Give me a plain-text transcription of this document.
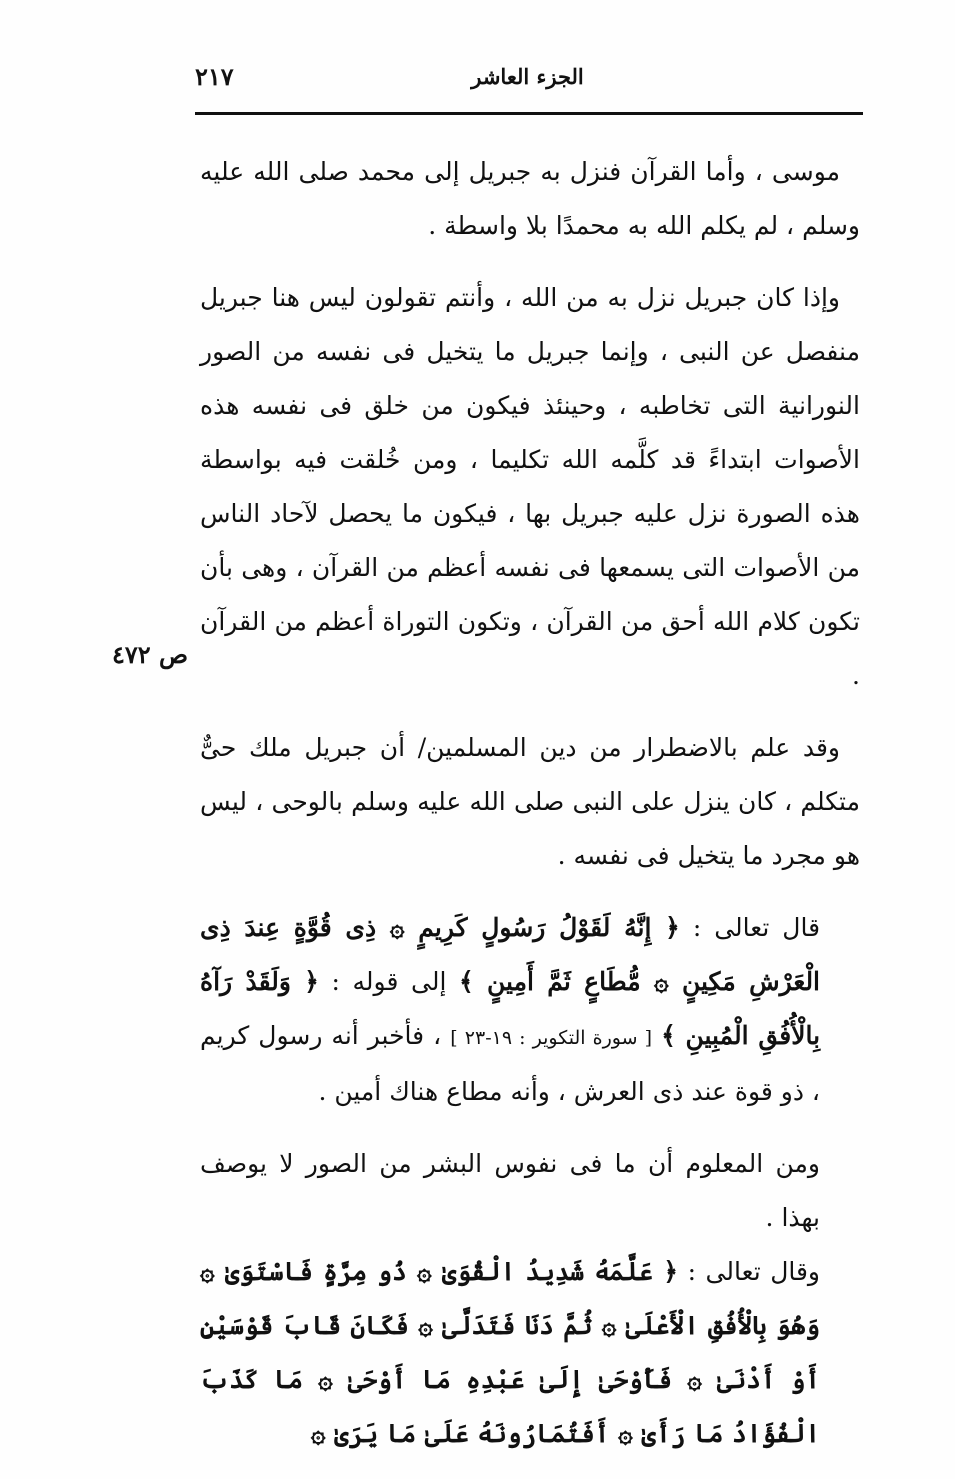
الجزء العاشر
٢١٧
ص ٤٧٢

موسى ، وأما القرآن فنزل به جبريل إلى محمد صلى الله عليه وسلم ، لم يكلم الله به محمدًا بلا واسطة .

وإذا كان جبريل نزل به من الله ، وأنتم تقولون ليس هنا جبريل منفصل عن النبى ، وإنما جبريل ما يتخيل فى نفسه من الصور النورانية التى تخاطبه ، وحينئذ فيكون من خلق فى نفسه هذه الأصوات ابتداءً قد كلَّمه الله تكليما ، ومن خُلقت فيه بواسطة هذه الصورة نزل عليه جبريل بها ، فيكون ما يحصل لآحاد الناس من الأصوات التى يسمعها فى نفسه أعظم من القرآن ، وهى بأن تكون كلام الله أحق من القرآن ، وتكون التوراة أعظم من القرآن .

وقد علم بالاضطرار من دين المسلمين/ أن جبريل ملك حىٌّ متكلم ، كان ينزل على النبى صلى الله عليه وسلم بالوحى ، ليس هو مجرد ما يتخيل فى نفسه .

قال تعالى : ﴿ إِنَّهُ لَقَوْلُ رَسُولٍ كَرِيمٍ ۞ ذِى قُوَّةٍ عِندَ ذِى الْعَرْشِ مَكِينٍ ۞ مُّطَاعٍ ثَمَّ أَمِينٍ ﴾ إلى قوله : ﴿ وَلَقَدْ رَآهُ بِالْأُفُقِ الْمُبِينِ ﴾ [ سورة التكوير : ١٩-٢٣ ] ، فأخبر أنه رسول كريم ، ذو قوة عند ذى العرش ، وأنه مطاع هناك أمين .

ومن المعلوم أن ما فى نفوس البشر من الصور لا يوصف بهذا .

وقال تعالى : ﴿ عَلَّمَهُ شَدِيدُ الْقُوَىٰ ۞ ذُو مِرَّةٍ فَاسْتَوَىٰ ۞ وَهُوَ بِالْأُفُقِ الْأَعْلَىٰ ۞ ثُمَّ دَنَا فَتَدَلَّىٰ ۞ فَكَانَ قَابَ قَوْسَيْنِ أَوْ أَدْنَىٰ ۞ فَأَوْحَىٰ إِلَىٰ عَبْدِهِ مَا أَوْحَىٰ ۞ مَا كَذَبَ الْفُؤَادُ مَا رَأَىٰ ۞ أَفَتُمَارُونَهُ عَلَىٰ مَا يَرَىٰ ۞
